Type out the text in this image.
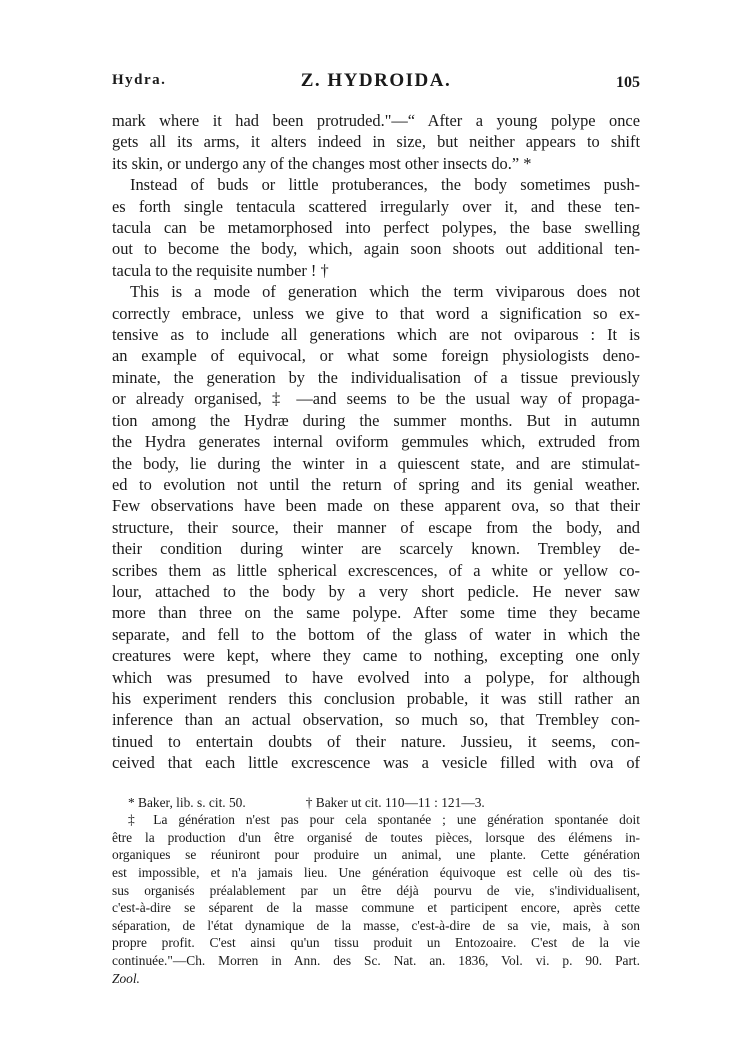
Hydra.	Z. HYDROIDA.	105
mark where it had been protruded."—“ After a young polype once
gets all its arms, it alters indeed in size, but neither appears to shift
its skin, or undergo any of the changes most other insects do.” *
Instead of buds or little protuberances, the body sometimes push-
es forth single tentacula scattered irregularly over it, and these ten-
tacula can be metamorphosed into perfect polypes, the base swelling
out to become the body, which, again soon shoots out additional ten-
tacula to the requisite number ! †
This is a mode of generation which the term viviparous does not
correctly embrace, unless we give to that word a signification so ex-
tensive as to include all generations which are not oviparous : It is
an example of equivocal, or what some foreign physiologists deno-
minate, the generation by the individualisation of a tissue previously
or already organised, ‡ —and seems to be the usual way of propaga-
tion among the Hydræ during the summer months. But in autumn
the Hydra generates internal oviform gemmules which, extruded from
the body, lie during the winter in a quiescent state, and are stimulat-
ed to evolution not until the return of spring and its genial weather.
Few observations have been made on these apparent ova, so that their
structure, their source, their manner of escape from the body, and
their condition during winter are scarcely known. Trembley de-
scribes them as little spherical excrescences, of a white or yellow co-
lour, attached to the body by a very short pedicle. He never saw
more than three on the same polype. After some time they became
separate, and fell to the bottom of the glass of water in which the
creatures were kept, where they came to nothing, excepting one only
which was presumed to have evolved into a polype, for although
his experiment renders this conclusion probable, it was still rather an
inference than an actual observation, so much so, that Trembley con-
tinued to entertain doubts of their nature. Jussieu, it seems, con-
ceived that each little excrescence was a vesicle filled with ova of
* Baker, lib. s. cit. 50.	† Baker ut cit. 110—11 : 121—3.
‡ La génération n'est pas pour cela spontanée ; une génération spontanée doit
être la production d'un être organisé de toutes pièces, lorsque des élémens in-
organiques se réuniront pour produire un animal, une plante. Cette génération
est impossible, et n'a jamais lieu. Une génération équivoque est celle où des tis-
sus organisés préalablement par un être déjà pourvu de vie, s'individualisent,
c'est-à-dire se séparent de la masse commune et participent encore, après cette
séparation, de l'état dynamique de la masse, c'est-à-dire de sa vie, mais, à son
propre profit. C'est ainsi qu'un tissu produit un Entozoaire. C'est de la vie
continuée."—Ch. Morren in Ann. des Sc. Nat. an. 1836, Vol. vi. p. 90. Part.
Zool.
